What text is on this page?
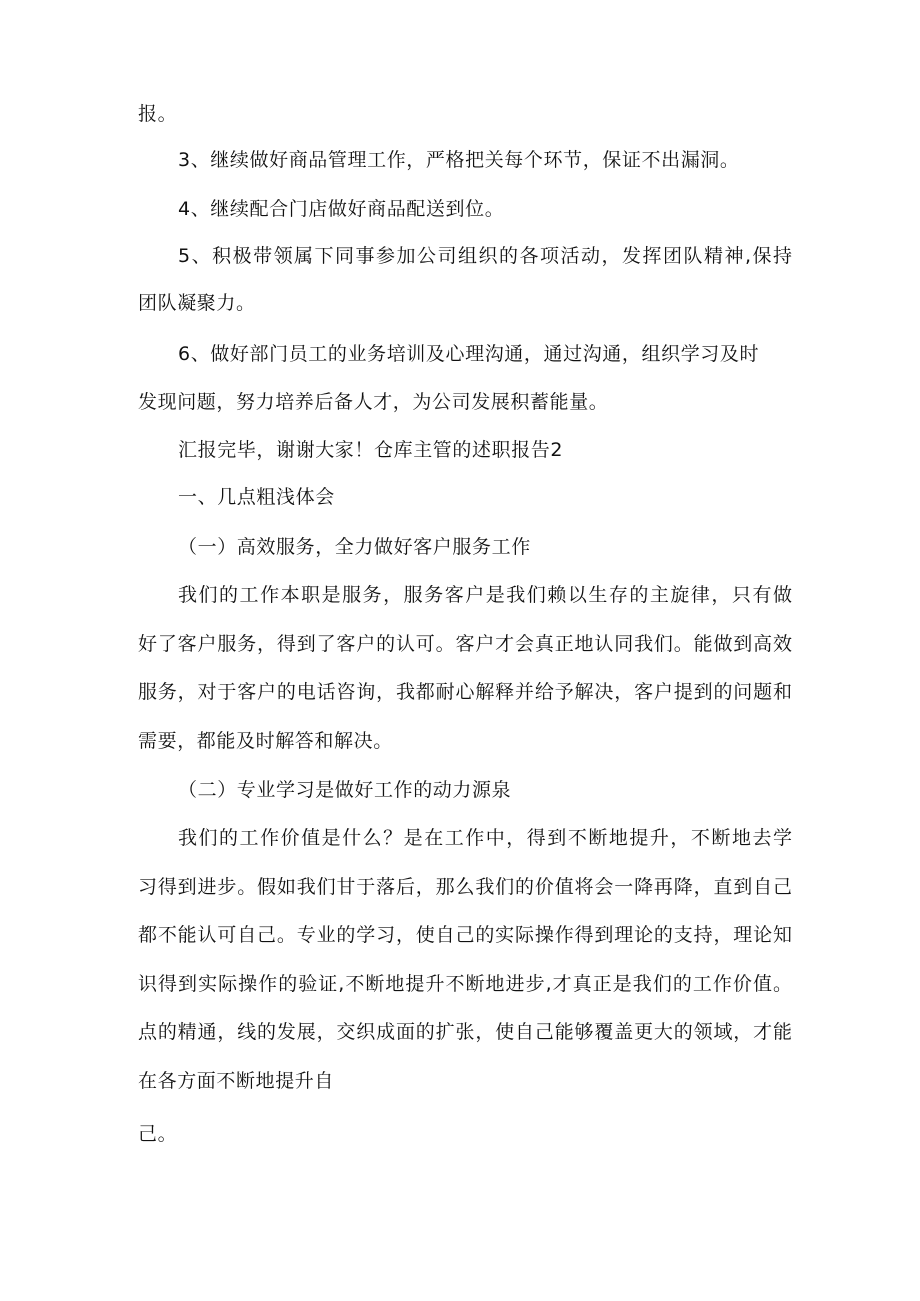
报。
3、继续做好商品管理工作，严格把关每个环节，保证不出漏洞。
4、继续配合门店做好商品配送到位。
5、积极带领属下同事参加公司组织的各项活动，发挥团队精神,保持
团队凝聚力。
6、做好部门员工的业务培训及心理沟通，通过沟通，组织学习及时
发现问题，努力培养后备人才，为公司发展积蓄能量。
汇报完毕，谢谢大家！仓库主管的述职报告2
一、几点粗浅体会
（一）高效服务，全力做好客户服务工作
我们的工作本职是服务，服务客户是我们赖以生存的主旋律，只有做
好了客户服务，得到了客户的认可。客户才会真正地认同我们。能做到高效
服务，对于客户的电话咨询，我都耐心解释并给予解决，客户提到的问题和
需要，都能及时解答和解决。
（二）专业学习是做好工作的动力源泉
我们的工作价值是什么？是在工作中，得到不断地提升，不断地去学
习得到进步。假如我们甘于落后，那么我们的价值将会一降再降，直到自己
都不能认可自己。专业的学习，使自己的实际操作得到理论的支持，理论知
识得到实际操作的验证,不断地提升不断地进步,才真正是我们的工作价值。
点的精通，线的发展，交织成面的扩张，使自己能够覆盖更大的领域，才能
在各方面不断地提升自
己。
